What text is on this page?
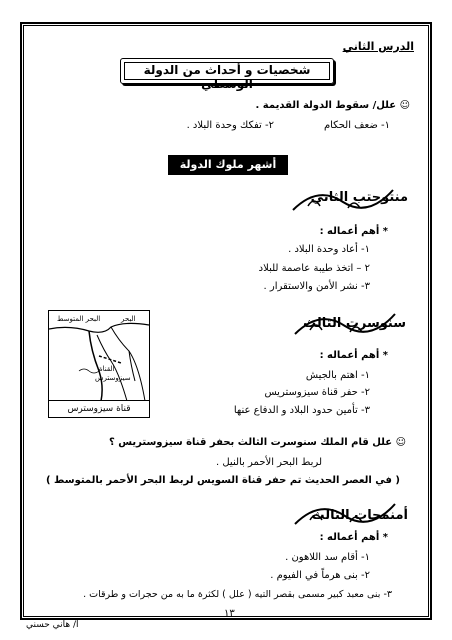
الدرس الثاني
شخصيات و أحداث من الدولة الوسطي
☺ علل/ سقوط الدولة القديمة .
١- ضعف الحكام
٢- تفكك وحدة البلاد .
أشهر ملوك الدولة الوسطي
منتوحتب الثاني
* أهم أعماله :
١- أعاد وحدة البلاد .
٢ – اتخذ طيبة عاصمة للبلاد
٣- نشر الأمن والاستقرار .
سنوسرت الثالث
* أهم أعماله :
١- اهتم بالجيش
٢- حفر قناة سيزوستريس
٣- تأمين حدود البلاد و الدفاع عنها
البحر المتوسط	البحر
القناة
سيزوسترس
قناة سيزوسترس
☺ علل قام الملك سنوسرت الثالث بحفر قناة سيزوستريس ؟
لربط البحر الأحمر بالنيل .
( في العصر الحديث تم حفر قناة السويس لربط البحر الأحمر بالمتوسط )
أمنمحات الثالث
* أهم أعماله :
١- أقام سد اللاهون .
٢- بنى هرماً في الفيوم .
٣- بنى معبد كبير مسمى بقصر التيه ( علل ) لكثرة ما به من حجرات و طرقات .
١٣
أ/ هاني حسني
